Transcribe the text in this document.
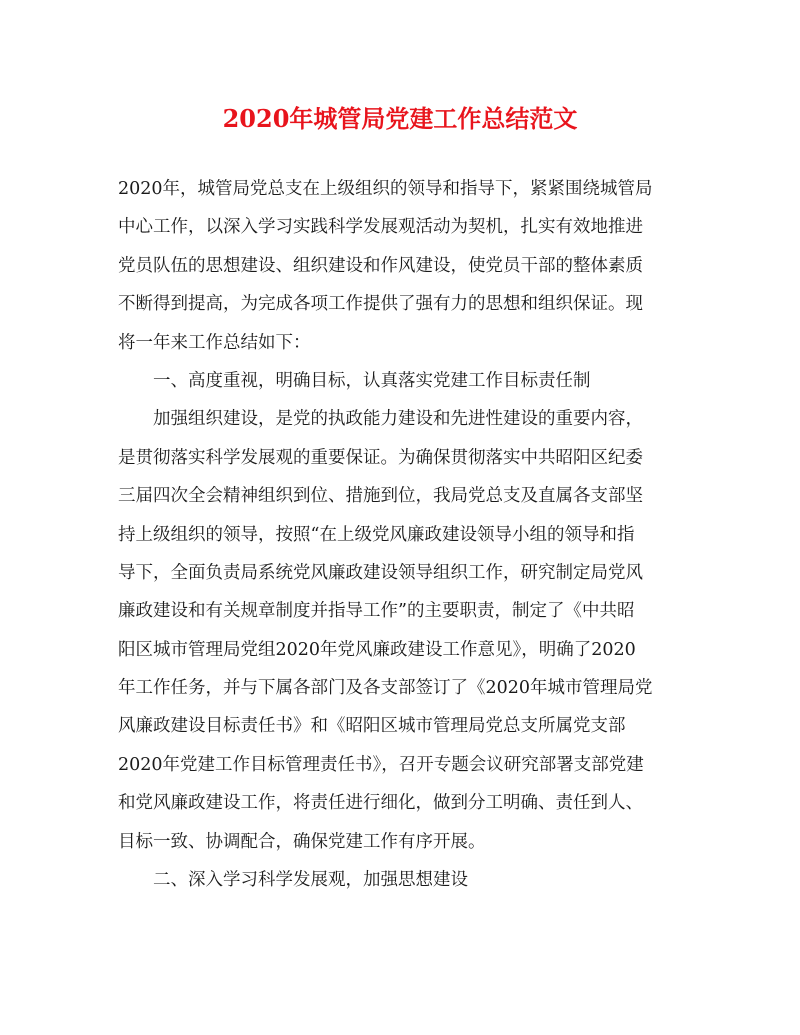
2020年城管局党建工作总结范文
2020年，城管局党总支在上级组织的领导和指导下，紧紧围绕城管局
中心工作，以深入学习实践科学发展观活动为契机，扎实有效地推进
党员队伍的思想建设、组织建设和作风建设，使党员干部的整体素质
不断得到提高，为完成各项工作提供了强有力的思想和组织保证。现
将一年来工作总结如下：
一、高度重视，明确目标，认真落实党建工作目标责任制
加强组织建设，是党的执政能力建设和先进性建设的重要内容，
是贯彻落实科学发展观的重要保证。为确保贯彻落实中共昭阳区纪委
三届四次全会精神组织到位、措施到位，我局党总支及直属各支部坚
持上级组织的领导，按照“在上级党风廉政建设领导小组的领导和指
导下，全面负责局系统党风廉政建设领导组织工作，研究制定局党风
廉政建设和有关规章制度并指导工作”的主要职责，制定了《中共昭
阳区城市管理局党组2020年党风廉政建设工作意见》，明确了2020
年工作任务，并与下属各部门及各支部签订了《2020年城市管理局党
风廉政建设目标责任书》和《昭阳区城市管理局党总支所属党支部
2020年党建工作目标管理责任书》，召开专题会议研究部署支部党建
和党风廉政建设工作，将责任进行细化，做到分工明确、责任到人、
目标一致、协调配合，确保党建工作有序开展。
二、深入学习科学发展观，加强思想建设
